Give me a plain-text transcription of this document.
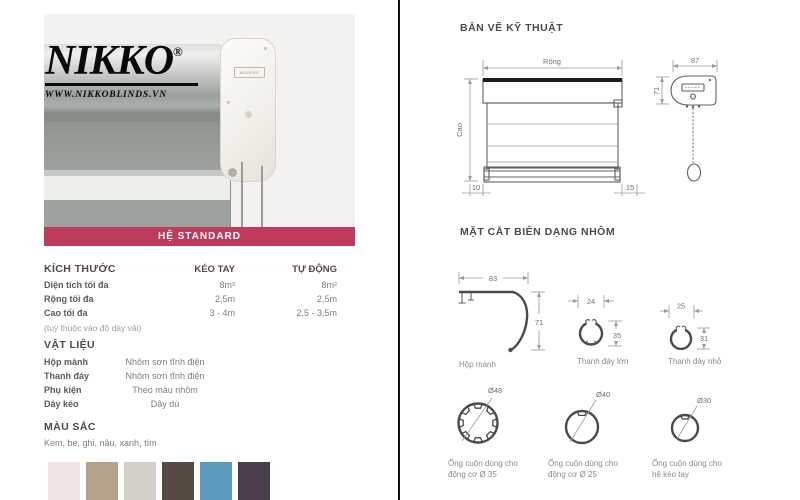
MODERO
NIKKO®
WWW.NIKKOBLINDS.VN
HỆ STANDARD
KÍCH THƯỚC	KÉO TAY	TỰ ĐỘNG
Diện tích tối đa	8m²	8m²
Rộng tối đa	2,5m	2,5m
Cao tối đa	3 - 4m	2,5 - 3,5m
(tuỳ thuộc vào độ dày vải)
VẬT LIỆU
Hộp mành	Nhôm sơn tĩnh điện
Thanh đáy	Nhôm sơn tĩnh điện
Phụ kiện	Theo màu nhôm
Dây kéo	Dây dù
MÀU SẮC
Kem, be, ghi, nâu, xanh, tím
BẢN VẼ KỸ THUẬT
Rộng
Cao
10	15
87
71
MẶT CẮT BIÊN DẠNG NHÔM
83
71
Hộp mành
24
35
Thanh đáy lớn
25
31
Thanh đáy nhỏ
Ø48
Ống cuộn dùng cho
động cơ Ø 35
Ø40
Ống cuộn dùng cho
động cơ Ø 25
Ø30
Ống cuộn dùng cho
hệ kéo tay
